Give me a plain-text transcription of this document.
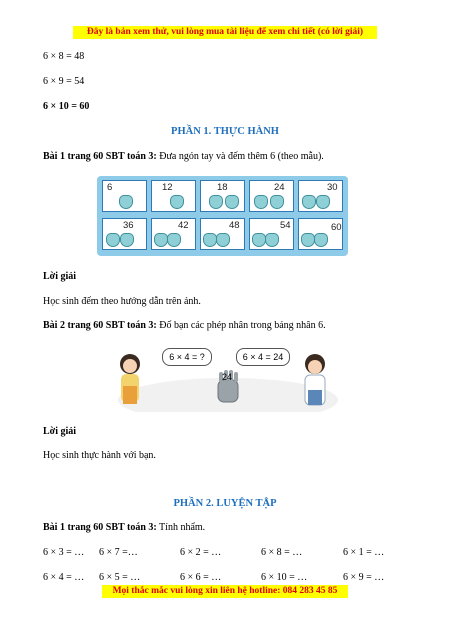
Đây là bản xem thử, vui lòng mua tài liệu để xem chi tiết (có lời giải)
6 × 8 = 48
6 × 9 = 54
6 × 10 = 60
PHẦN 1. THỰC HÀNH
Bài 1 trang 60 SBT toán 3: Đưa ngón tay và đếm thêm 6 (theo mẫu).
6	12	18	24	30
36	42	48	54	60
Lời giải
Học sinh đếm theo hướng dẫn trên ảnh.
Bài 2 trang 60 SBT toán 3: Đố bạn các phép nhân trong bảng nhân 6.
6 × 4 = ?	6 × 4 = 24
24
Lời giải
Học sinh thực hành với bạn.
PHẦN 2. LUYỆN TẬP
Bài 1 trang 60 SBT toán 3: Tính nhẩm.
6 × 3 = … 6 × 7 =…	6 × 2 = …	6 × 8 = …	6 × 1 = …
6 × 4 = … 6 × 5 = …	6 × 6 = …	6 × 10 = …	6 × 9 = …
Mọi thắc mắc vui lòng xin liên hệ hotline: 084 283 45 85
